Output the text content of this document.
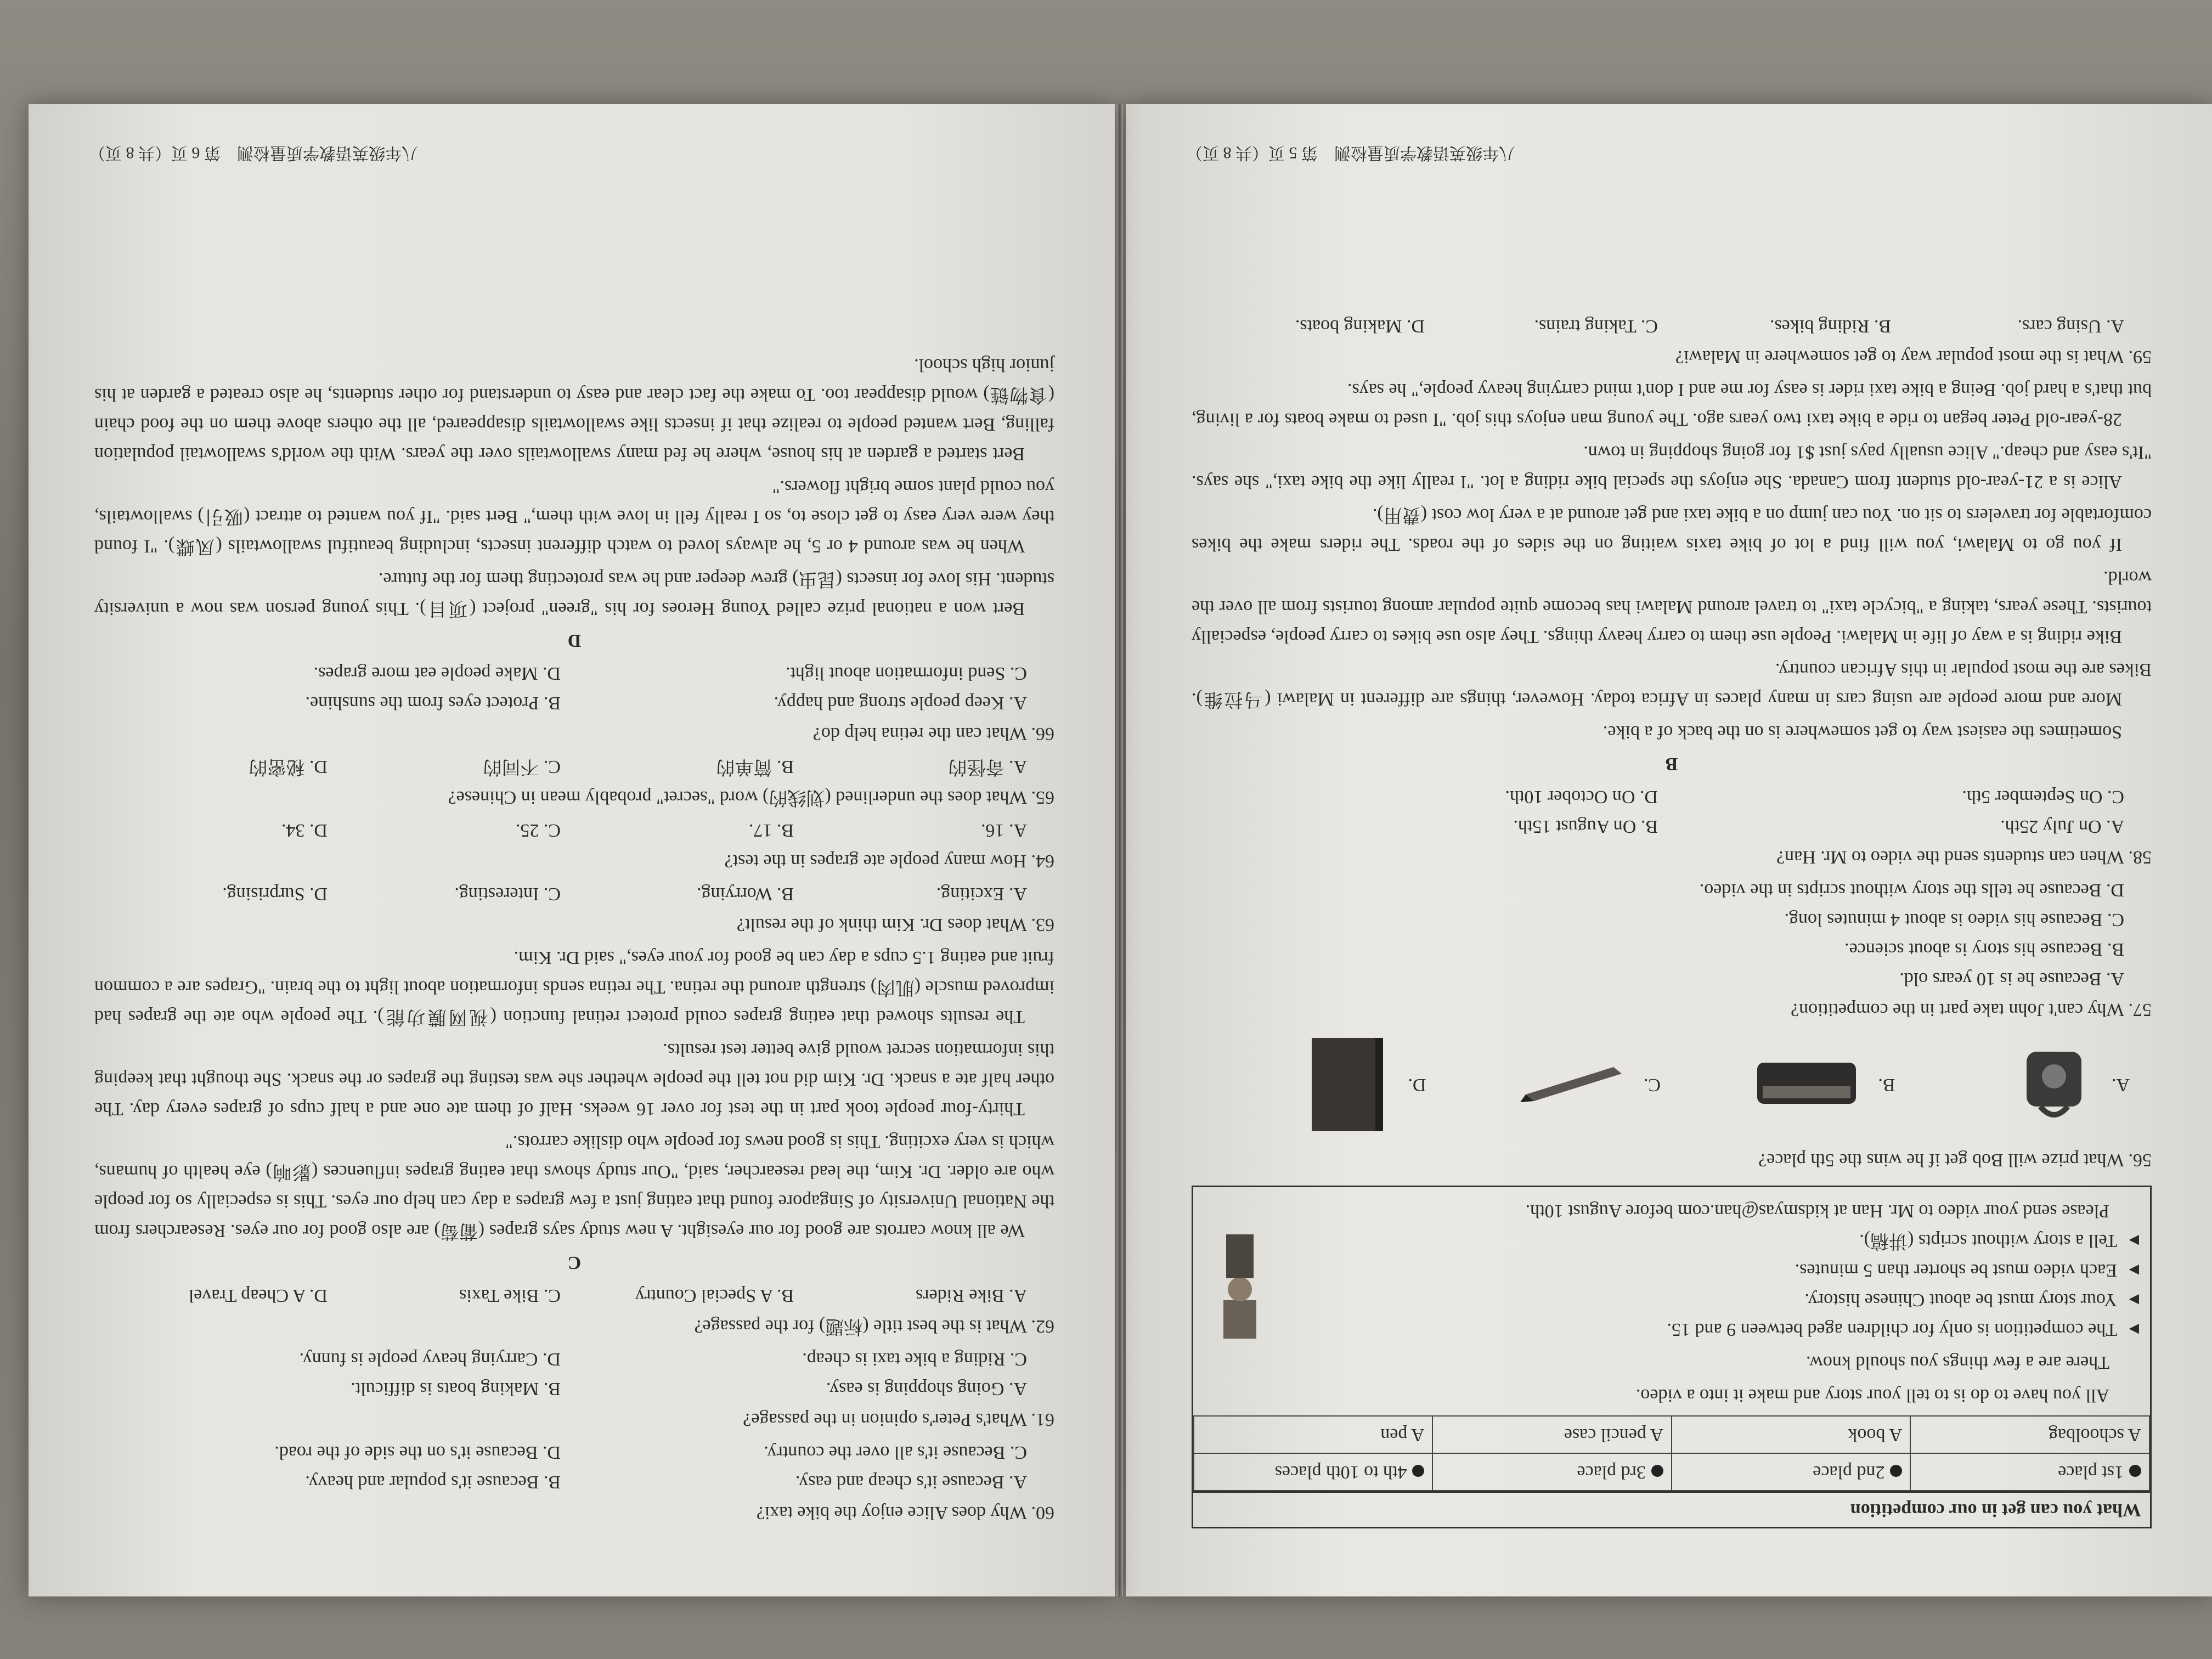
What you can get in our competition
1st place	2nd place	3rd place	4th to 10th places
A schoolbag	A book	A pencil case	A pen

All you have to do is to tell your story and make it into a video.

There are a few things you should know.

▶ The competition is only for children aged between 9 and 15.
▶ Your story must be about Chinese history.
▶ Each video must be shorter than 5 minutes.
▶ Tell a story without scripts (讲稿).

Please send your video to Mr. Han at kidsmyas@han.com before August 10th.

56. What prize will Bob get if he wins the 5th place?

A.
B.
C.
D.

57. Why can't John take part in the competition?

A. Because he is 10 years old.
B. Because his story is about science.
C. Because his video is about 4 minutes long.
D. Because he tells the story without scripts in the video.

58. When can students send the video to Mr. Han?

A. On July 25th.
B. On August 15th.
C. On September 5th.
D. On October 10th.
B

Sometimes the easiest way to get somewhere is on the back of a bike.

More and more people are using cars in many places in Africa today. However, things are different in Malawi (马拉维). Bikes are the most popular in this African country.

Bike riding is a way of life in Malawi. People use them to carry heavy things. They also use bikes to carry people, especially tourists. These years, taking a "bicycle taxi" to travel around Malawi has become quite popular among tourists from all over the world.

If you go to Malawi, you will find a lot of bike taxis waiting on the sides of the roads. The riders make the bikes comfortable for travelers to sit on. You can jump on a bike taxi and get around at a very low cost (费用).

Alice is a 21-year-old student from Canada. She enjoys the special bike riding a lot. "I really like the bike taxi," she says. "It's easy and cheap." Alice usually pays just $1 for going shopping in town.

28-year-old Peter began to ride a bike taxi two years ago. The young man enjoys this job. "I used to make boats for a living, but that's a hard job. Being a bike taxi rider is easy for me and I don't mind carrying heavy people," he says.

59. What is the most popular way to get somewhere in Malawi?

A. Using cars.
B. Riding bikes.
C. Taking trains.
D. Making boats.
八年级英语教学质量检测　第 5 页（共 8 页）

60. Why does Alice enjoy the bike taxi?

A. Because it's cheap and easy.
B. Because it's popular and heavy.
C. Because it's all over the country.
D. Because it's on the side of the road.

61. What's Peter's opinion in the passage?

A. Going shopping is easy.
B. Making boats is difficult.
C. Riding a bike taxi is cheap.
D. Carrying heavy people is funny.

62. What is the best title (标题) for the passage?

A. Bike Riders
B. A Special Country
C. Bike Taxis
D. A Cheap Travel
C

We all know carrots are good for our eyesight. A new study says grapes (葡萄) are also good for our eyes. Researchers from the National University of Singapore found that eating just a few grapes a day can help our eyes. This is especially so for people who are older. Dr. Kim, the lead researcher, said, "Our study shows that eating grapes influences (影响) eye health of humans, which is very exciting. This is good news for people who dislike carrots."

Thirty-four people took part in the test for over 16 weeks. Half of them ate one and a half cups of grapes every day. The other half ate a snack. Dr. Kim did not tell the people whether she was testing the grapes or the snack. She thought that keeping this information secret would give better test results.

The results showed that eating grapes could protect retinal function (视网膜功能). The people who ate the grapes had improved muscle (肌肉) strength around the retina. The retina sends information about light to the brain. "Grapes are a common fruit and eating 1.5 cups a day can be good for your eyes," said Dr. Kim.

63. What does Dr. Kim think of the result?

A. Exciting.
B. Worrying.
C. Interesting.
D. Surprising.

64. How many people ate grapes in the test?

A. 16.
B. 17.
C. 25.
D. 34.

65. What does the underlined (划线的) word "secret" probably mean in Chinese?

A. 奇怪的
B. 简单的
C. 不同的
D. 秘密的

66. What can the retina help do?

A. Keep people strong and happy.
B. Protect eyes from the sunshine.
C. Send information about light.
D. Make people eat more grapes.
D

Bert won a national prize called Young Heroes for his "green" project (项目). This young person was now a university student. His love for insects (昆虫) grew deeper and he was protecting them for the future.

When he was around 4 or 5, he always loved to watch different insects, including beautiful swallowtails (凤蝶). "I found they were very easy to get close to, so I really fell in love with them," Bert said. "If you wanted to attract (吸引) swallowtails, you could plant some bright flowers."

Bert started a garden at his house, where he fed many swallowtails over the years. With the world's swallowtail population falling, Bert wanted people to realize that if insects like swallowtails disappeared, all the others above them on the food chain (食物链) would disappear too. To make the fact clear and easy to understand for other students, he also created a garden at his junior high school.

八年级英语教学质量检测　第 6 页（共 8 页）
